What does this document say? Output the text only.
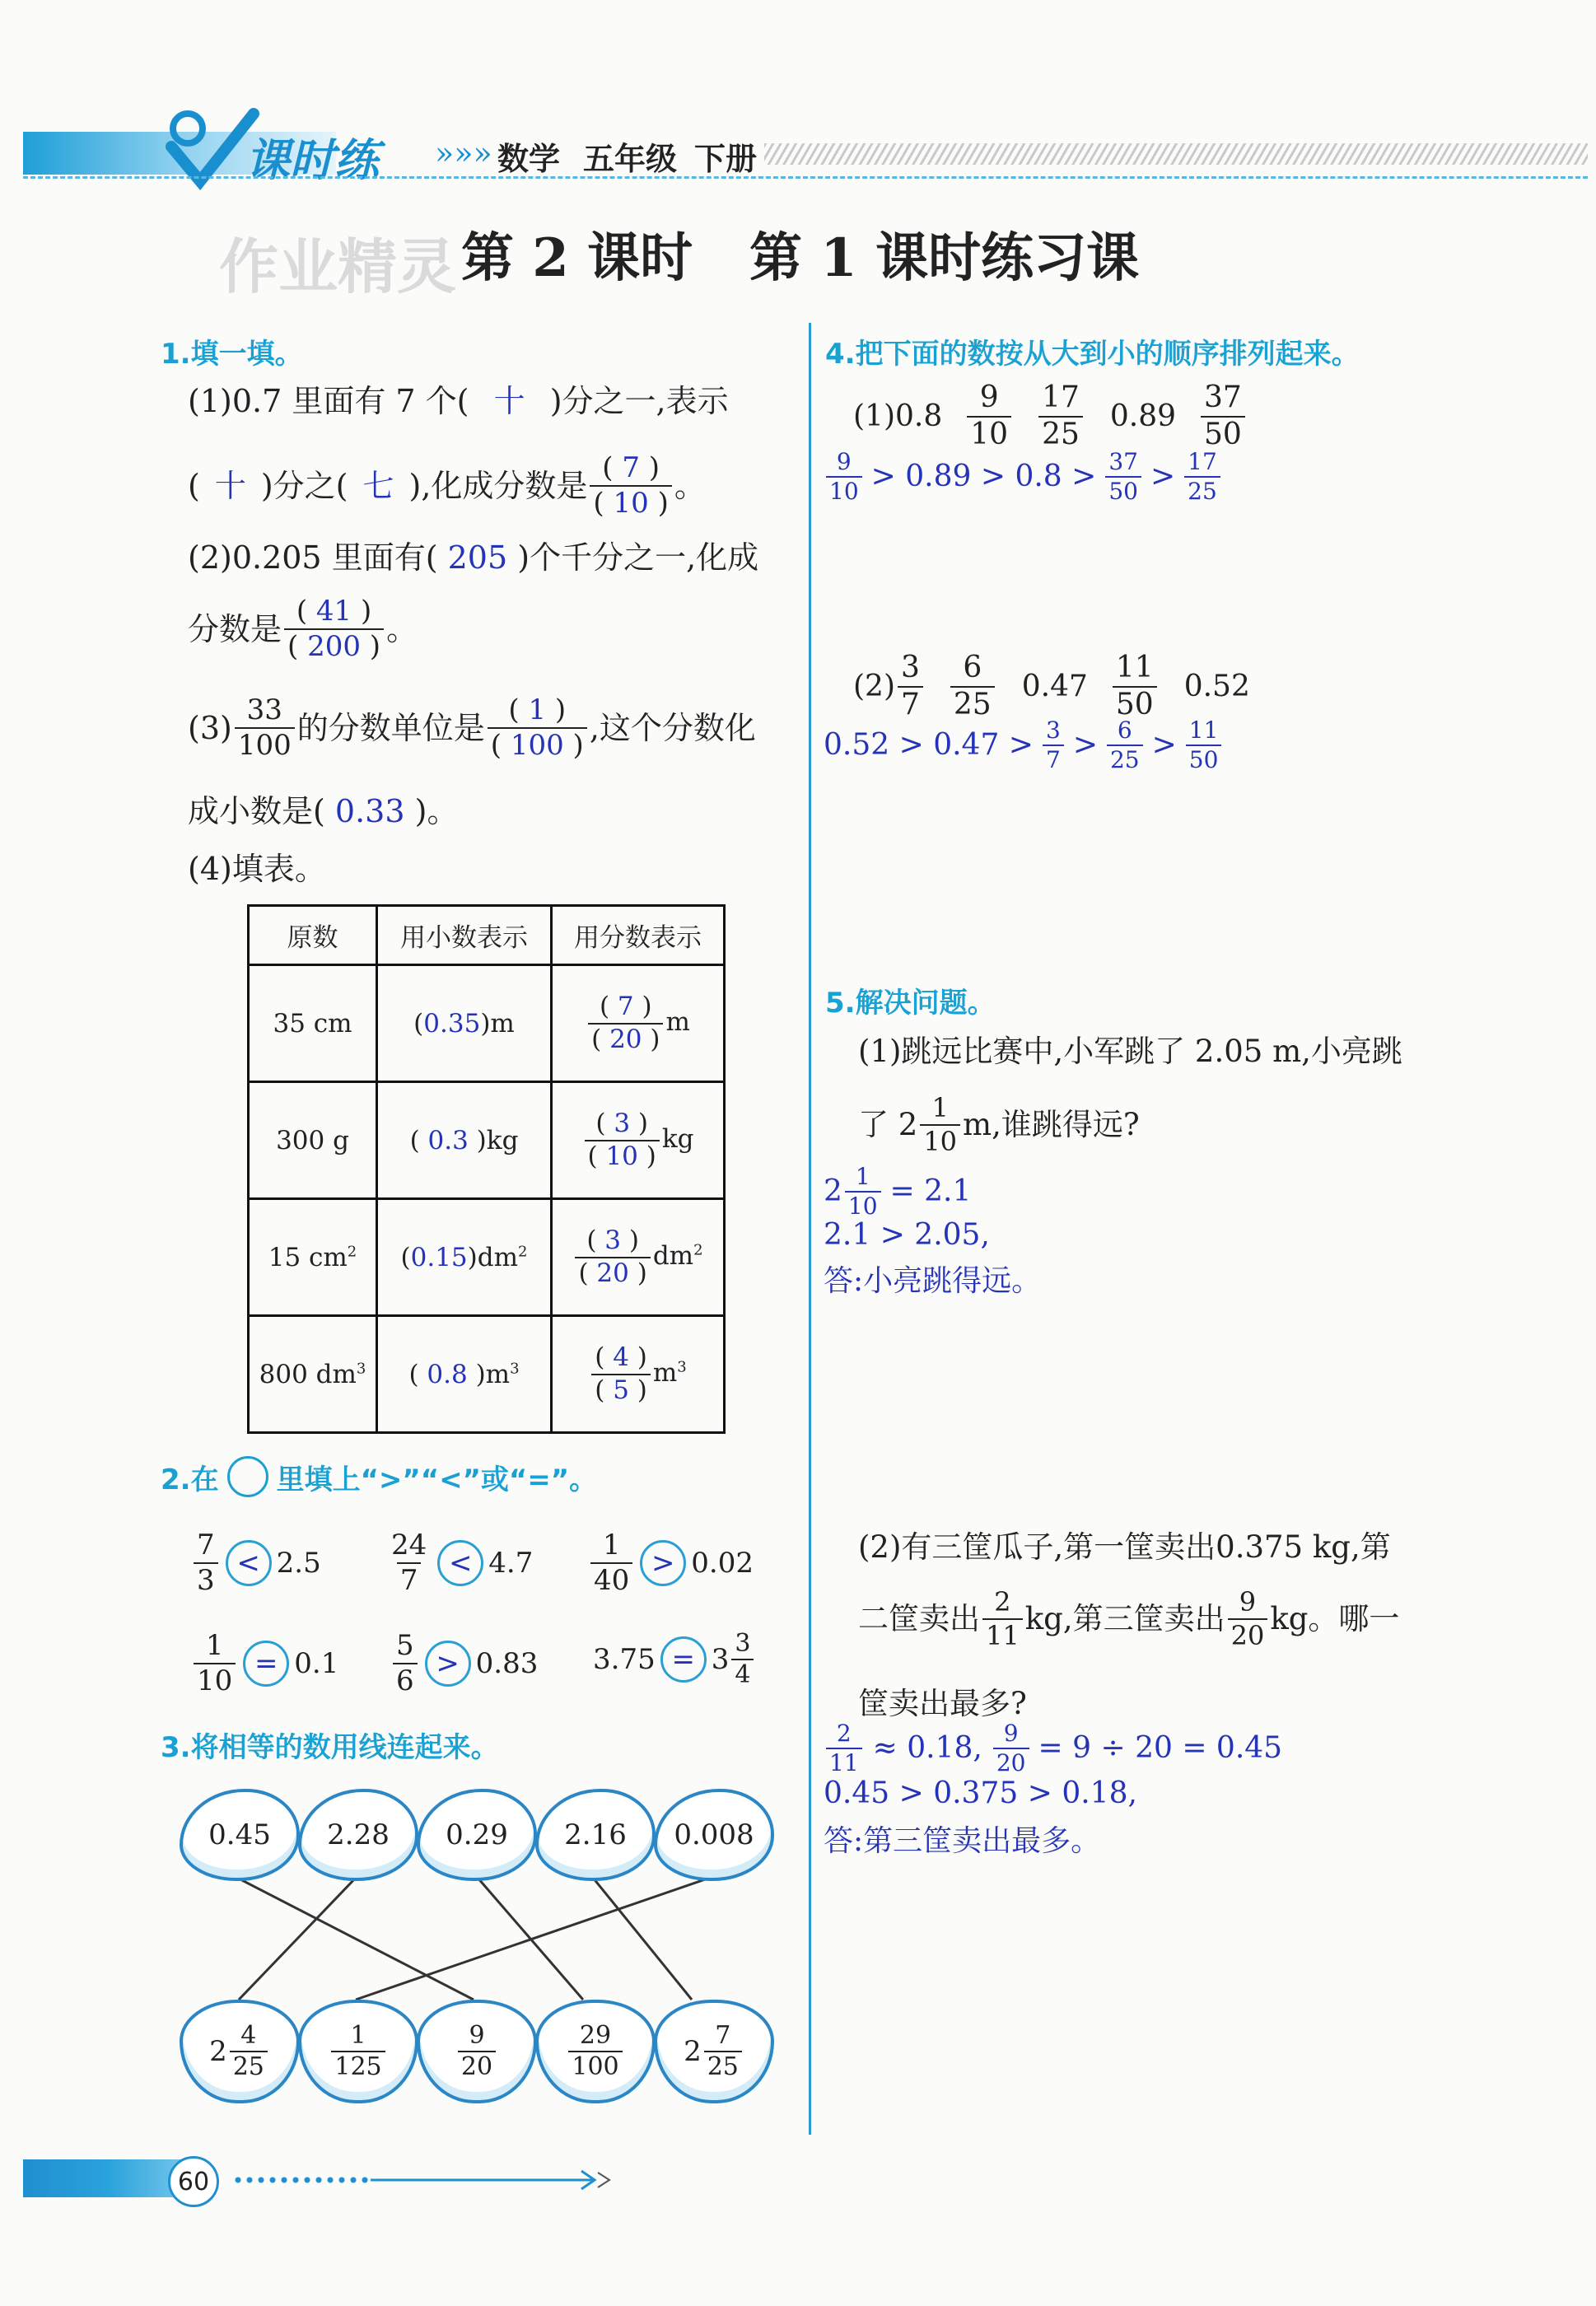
课时练 »»» 数学 五年级 下册
作业精灵 第 2 课时 第 1 课时练习课
1.填一填。
(1)0.7 里面有 7 个( 十 )分之一,表示
( 十 )分之( 七 ),化成分数是 $\frac{( 7 )}{( 10 )}$ 。
(2)0.205 里面有( 205 )个千分之一,化成
分数是 $\frac{( 41 )}{( 200 )}$ 。
$(3) \frac{33}{100}$ 的分数单位是 $\frac{( 1 )}{( 100 )}$ ,这个分数化
成小数是( 0.33 )。
(4)填表。
原数	用小数表示	用分数表示
35 cm	(0.35)m	$\frac{( 7 )}{( 20 )}$ m
300 g	( 0.3 )kg	$\frac{( 3 )}{( 10 )}$ kg
15 $cm^2$	$(0.15)dm^2$	$\frac{( 3 )}{( 20 )} dm^2$
800 $dm^3$	( 0.8 )$m^3$	$\frac{( 4 )}{( 5 )} m^3$
2.在 里填上“>”“<”或“=”。
$\frac{7}{3} < 2.5 \frac{24}{7} < 4.7 \frac{1}{40} > 0.02$
$\frac{1}{10} = 0.1 \frac{5}{6} > 0.83$ $3.75 = 3 \frac{3}{4}$
3.将相等的数用线连起来。
0.45	2.28	0.29	2.16	0.008
$2 \frac{4}{25}$	$\frac{1}{125}$	$\frac{9}{20}$	$\frac{29}{100} 2 \frac{7}{25}$
4.把下面的数按从大到小的顺序排列起来。
$(1)0.8 \frac{9}{10} \frac{17}{25} 0.89 \frac{37}{50}$
$\frac{9}{10} > 0.89 > 0.8 > \frac{37}{50} > \frac{17}{25}$
$(2) \frac{3}{7} \frac{6}{25} 0.47 \frac{11}{50} 0.52$
$0.52 > 0.47 > \frac{3}{7} > \frac{6}{25} > \frac{11}{50}$
5.解决问题。
(1)跳远比赛中,小军跳了 2.05 m,小亮跳
了 $2 \frac{1}{10} m$,谁跳得远?
$2 \frac{1}{10} = 2.1$
2.1 > 2.05,
答:小亮跳得远。
(2)有三筐瓜子,第一筐卖出0.375 kg,第
二筐卖出 $\frac{2}{11}$ kg,第三筐卖出 $\frac{9}{20}$ kg。哪一
筐卖出最多?
$\frac{2}{11} \approx 0.18$, $\frac{9}{20} = 9 \div 20 = 0.45$
0.45 > 0.375 > 0.18,
答:第三筐卖出最多。
60
